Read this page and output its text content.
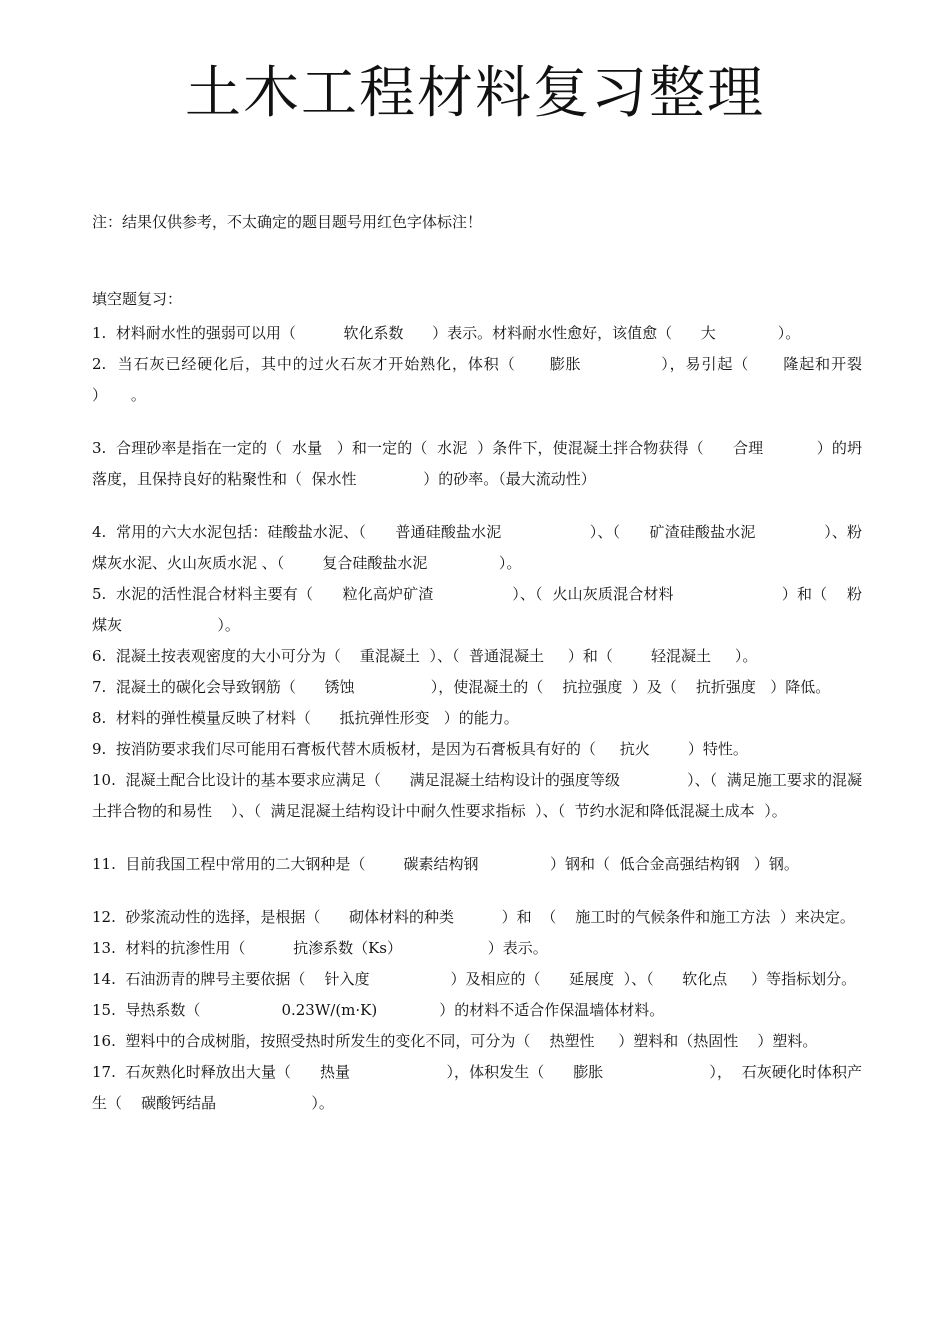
土木工程材料复习整理
注：结果仅供参考，不太确定的题目题号用红色字体标注！
填空题复习：

1.  材料耐水性的强弱可以用（          软化系数      ）表示。材料耐水性愈好，该值愈（      大             ）。

2.  当石灰已经硬化后，其中的过火石灰才开始熟化，体积（      膨胀              ），易引起（      隆起和开裂          ）     。

3.  合理砂率是指在一定的（  水量   ）和一定的（  水泥  ）条件下，使混凝土拌合物获得（      合理           ）的坍落度，且保持良好的粘聚性和（  保水性              ）的砂率。（最大流动性）

4.  常用的六大水泥包括：硅酸盐水泥、（      普通硅酸盐水泥                  ）、（      矿渣硅酸盐水泥              ）、粉煤灰水泥、火山灰质水泥 、（        复合硅酸盐水泥               ）。

5.  水泥的活性混合材料主要有（      粒化高炉矿渣                ）、（  火山灰质混合材料                      ）和（    粉煤灰                    ）。

6.  混凝土按表观密度的大小可分为（    重混凝土  ）、（  普通混凝土     ）和（        轻混凝土     ）。

7.  混凝土的碳化会导致钢筋（      锈蚀                ），使混凝土的（    抗拉强度  ）及（    抗折强度   ）降低。

8.  材料的弹性模量反映了材料（      抵抗弹性形变   ）的能力。

9.  按消防要求我们尽可能用石膏板代替木质板材，是因为石膏板具有好的（     抗火        ）特性。

10.  混凝土配合比设计的基本要求应满足（      满足混凝土结构设计的强度等级              ）、（  满足施工要求的混凝土拌合物的和易性    ）、（  满足混凝土结构设计中耐久性要求指标  ）、（  节约水泥和降低混凝土成本  ）。

11.  目前我国工程中常用的二大钢种是（        碳素结构钢               ）钢和（  低合金高强结构钢   ）钢。

12.  砂浆流动性的选择，是根据（      砌体材料的种类          ）和  （    施工时的气候条件和施工方法  ）来决定。

13.  材料的抗渗性用（          抗渗系数（Ks）                  ）表示。

14.  石油沥青的牌号主要依据（    针入度                 ）及相应的（      延展度  ）、（      软化点     ）等指标划分。

15.  导热系数（                 0.23W/(m·K)             ）的材料不适合作保温墙体材料。

16.  塑料中的合成树脂，按照受热时所发生的变化不同，可分为（    热塑性     ）塑料和（热固性    ）塑料。

17.  石灰熟化时释放出大量（      热量                    ），体积发生（      膨胀                      ），  石灰硬化时体积产生（    碳酸钙结晶                    ）。
